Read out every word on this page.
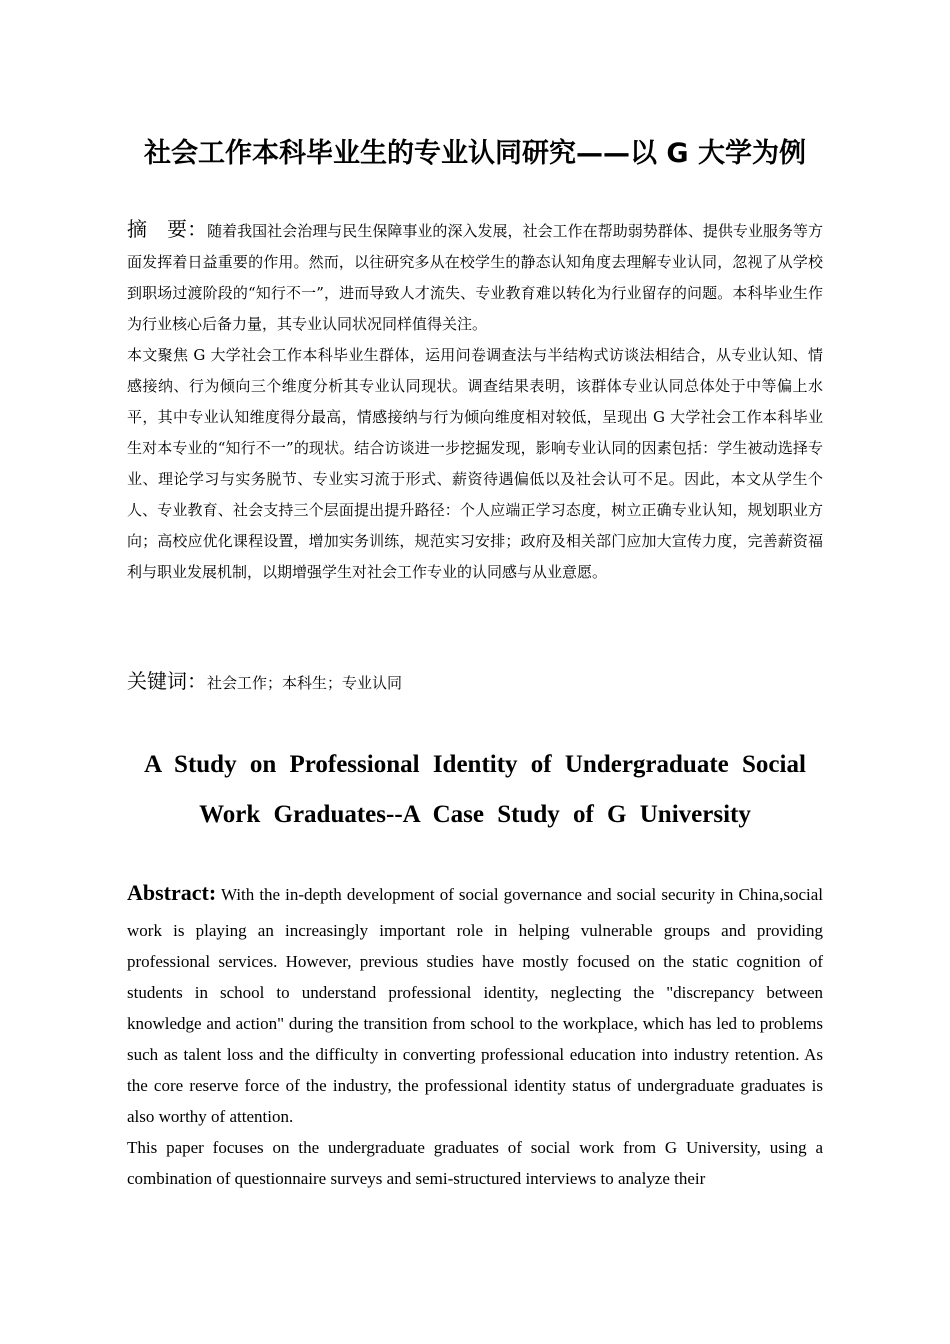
社会工作本科毕业生的专业认同研究——以 G 大学为例

摘　要：随着我国社会治理与民生保障事业的深入发展，社会工作在帮助弱势群体、提供专业服务等方面发挥着日益重要的作用。然而，以往研究多从在校学生的静态认知角度去理解专业认同，忽视了从学校到职场过渡阶段的“知行不一”，进而导致人才流失、专业教育难以转化为行业留存的问题。本科毕业生作为行业核心后备力量，其专业认同状况同样值得关注。

本文聚焦 G 大学社会工作本科毕业生群体，运用问卷调查法与半结构式访谈法相结合，从专业认知、情感接纳、行为倾向三个维度分析其专业认同现状。调查结果表明，该群体专业认同总体处于中等偏上水平，其中专业认知维度得分最高，情感接纳与行为倾向维度相对较低，呈现出 G 大学社会工作本科毕业生对本专业的“知行不一”的现状。结合访谈进一步挖掘发现，影响专业认同的因素包括：学生被动选择专业、理论学习与实务脱节、专业实习流于形式、薪资待遇偏低以及社会认可不足。因此，本文从学生个人、专业教育、社会支持三个层面提出提升路径：个人应端正学习态度，树立正确专业认知，规划职业方向；高校应优化课程设置，增加实务训练，规范实习安排；政府及相关部门应加大宣传力度，完善薪资福利与职业发展机制，以期增强学生对社会工作专业的认同感与从业意愿。

关键词：社会工作；本科生；专业认同
A Study on Professional Identity of Undergraduate Social
Work Graduates--A Case Study of G University

Abstract: With the in-depth development of social governance and social security in China,social work is playing an increasingly important role in helping vulnerable groups and providing professional services. However, previous studies have mostly focused on the static cognition of students in school to understand professional identity, neglecting the "discrepancy between knowledge and action" during the transition from school to the workplace, which has led to problems such as talent loss and the difficulty in converting professional education into industry retention. As the core reserve force of the industry, the professional identity status of undergraduate graduates is also worthy of attention.

This paper focuses on the undergraduate graduates of social work from G University, using a combination of questionnaire surveys and semi-structured interviews to analyze their
